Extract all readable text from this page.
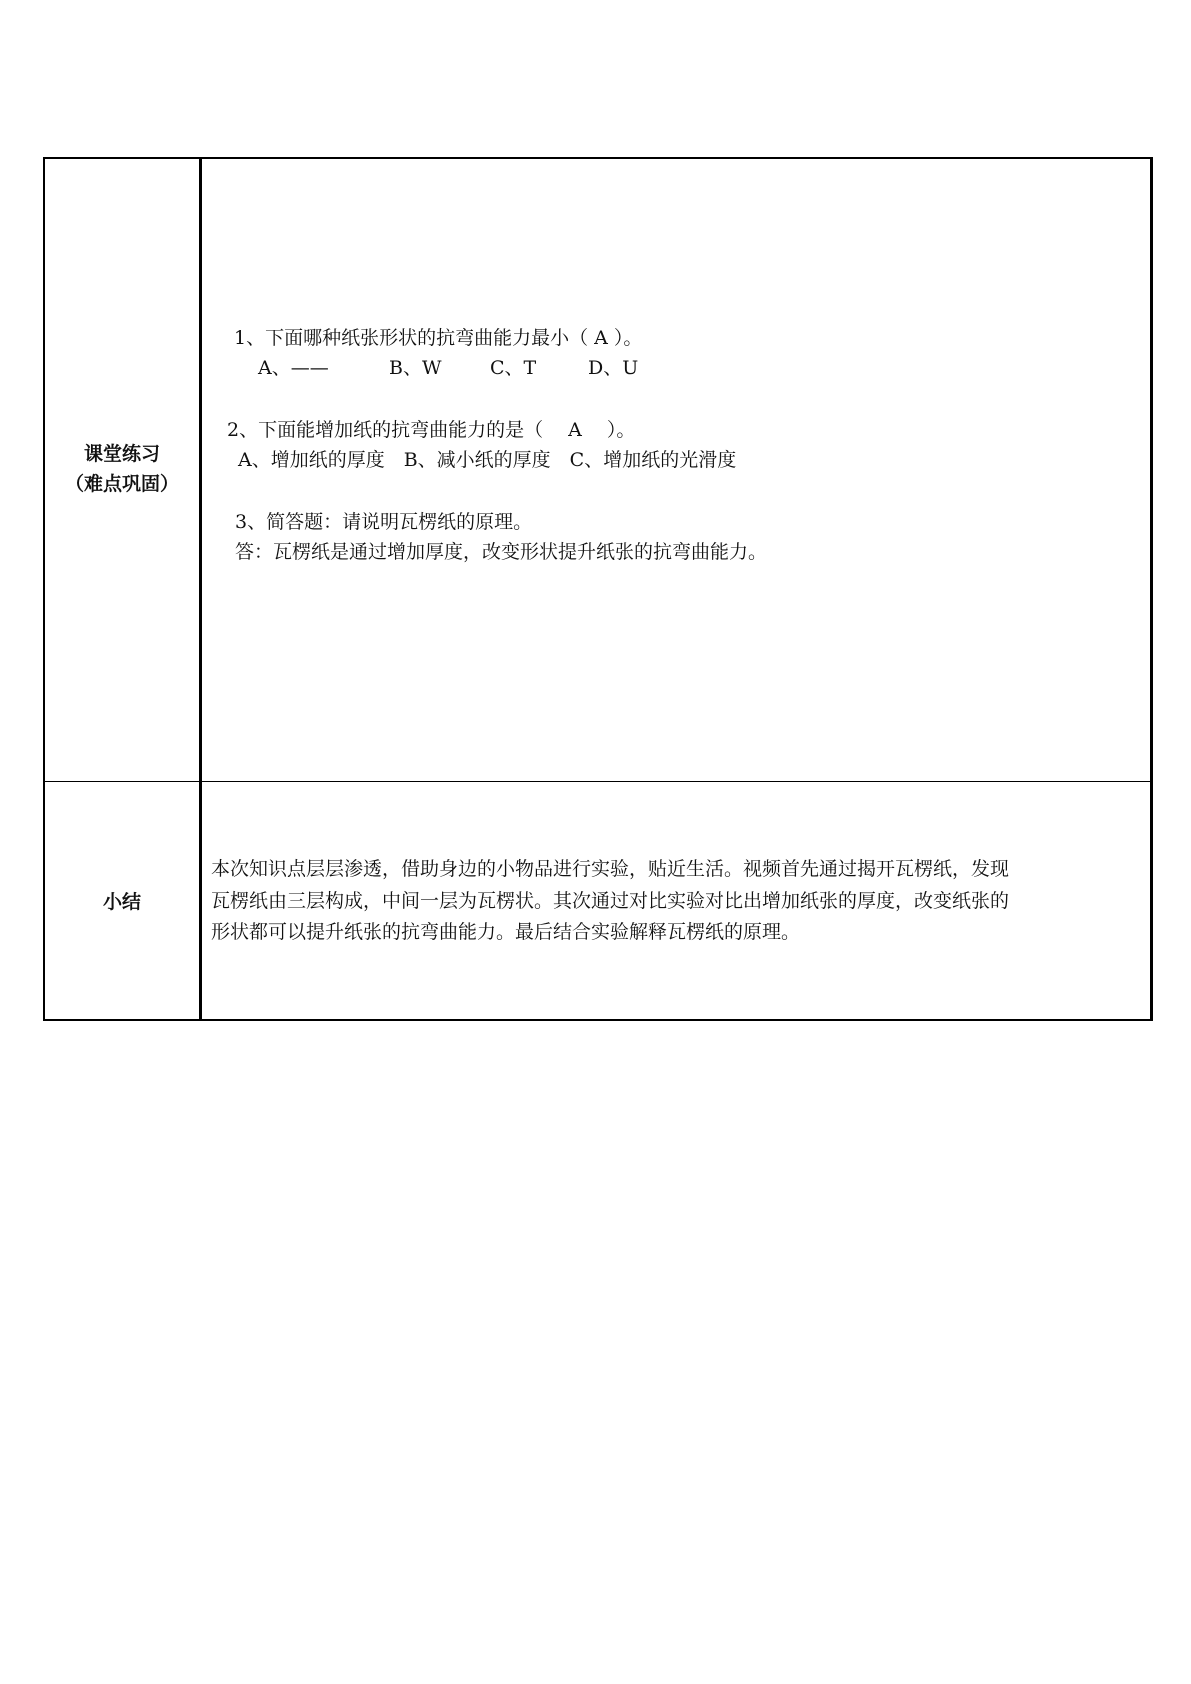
课堂练习
（难点巩固）
1、下面哪种纸张形状的抗弯曲能力最小（ A ）。
A、——	B、W	C、T	D、U
2、下面能增加纸的抗弯曲能力的是（　 A　 ）。
A、增加纸的厚度　B、减小纸的厚度　C、增加纸的光滑度
3、简答题：请说明瓦楞纸的原理。
答：瓦楞纸是通过增加厚度，改变形状提升纸张的抗弯曲能力。
小结

本次知识点层层渗透，借助身边的小物品进行实验，贴近生活。视频首先通过揭开瓦楞纸，发现

瓦楞纸由三层构成，中间一层为瓦楞状。其次通过对比实验对比出增加纸张的厚度，改变纸张的

形状都可以提升纸张的抗弯曲能力。最后结合实验解释瓦楞纸的原理。
